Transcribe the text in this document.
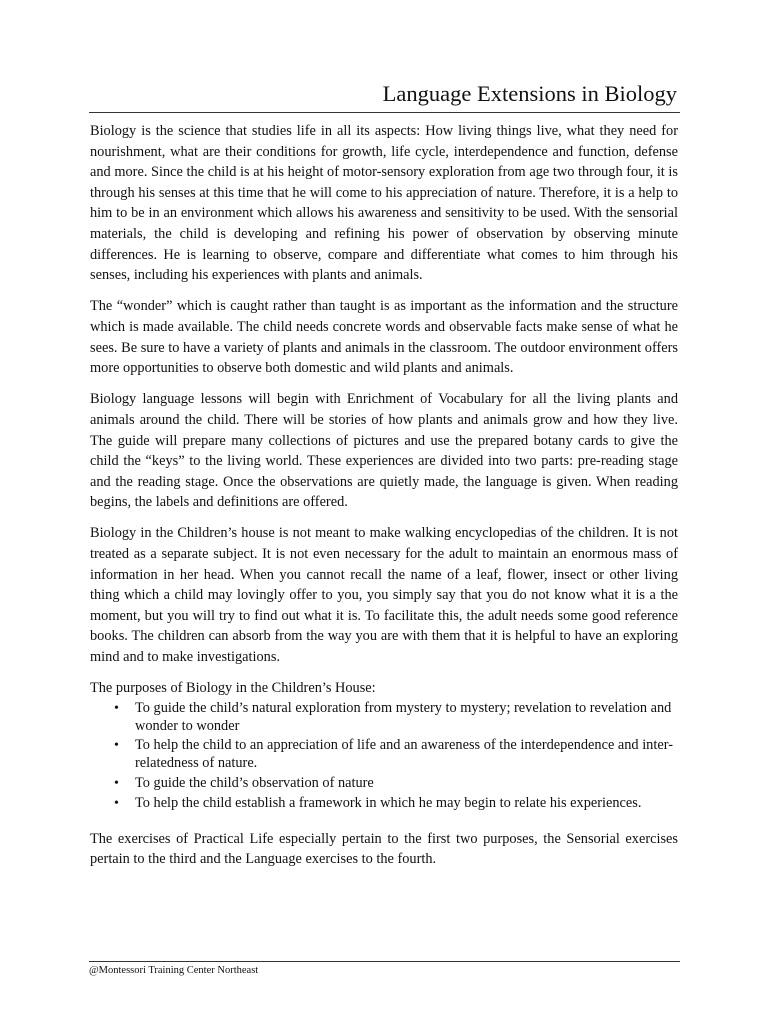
Language Extensions in Biology

Biology is the science that studies life in all its aspects: How living things live, what they need for nourishment, what are their conditions for growth, life cycle, interdependence and function, defense and more. Since the child is at his height of motor-sensory exploration from age two through four, it is through his senses at this time that he will come to his appreciation of nature. Therefore, it is a help to him to be in an environment which allows his awareness and sensitivity to be used. With the sensorial materials, the child is developing and refining his power of observation by observing minute differences. He is learning to observe, compare and differentiate what comes to him through his senses, including his experiences with plants and animals.

The “wonder” which is caught rather than taught is as important as the information and the structure which is made available. The child needs concrete words and observable facts make sense of what he sees. Be sure to have a variety of plants and animals in the classroom. The outdoor environment offers more opportunities to observe both domestic and wild plants and animals.

Biology language lessons will begin with Enrichment of Vocabulary for all the living plants and animals around the child. There will be stories of how plants and animals grow and how they live. The guide will prepare many collections of pictures and use the prepared botany cards to give the child the “keys” to the living world. These experiences are divided into two parts: pre-reading stage and the reading stage. Once the observations are quietly made, the language is given. When reading begins, the labels and definitions are offered.

Biology in the Children’s house is not meant to make walking encyclopedias of the children. It is not treated as a separate subject. It is not even necessary for the adult to maintain an enormous mass of information in her head. When you cannot recall the name of a leaf, flower, insect or other living thing which a child may lovingly offer to you, you simply say that you do not know what it is a the moment, but you will try to find out what it is. To facilitate this, the adult needs some good reference books. The children can absorb from the way you are with them that it is helpful to have an exploring mind and to make investigations.

The purposes of Biology in the Children’s House:

• To guide the child’s natural exploration from mystery to mystery; revelation to revelation and wonder to wonder
• To help the child to an appreciation of life and an awareness of the interdependence and inter-relatedness of nature.
• To guide the child’s observation of nature
• To help the child establish a framework in which he may begin to relate his experiences.

The exercises of Practical Life especially pertain to the first two purposes, the Sensorial exercises pertain to the third and the Language exercises to the fourth.

@Montessori Training Center Northeast
